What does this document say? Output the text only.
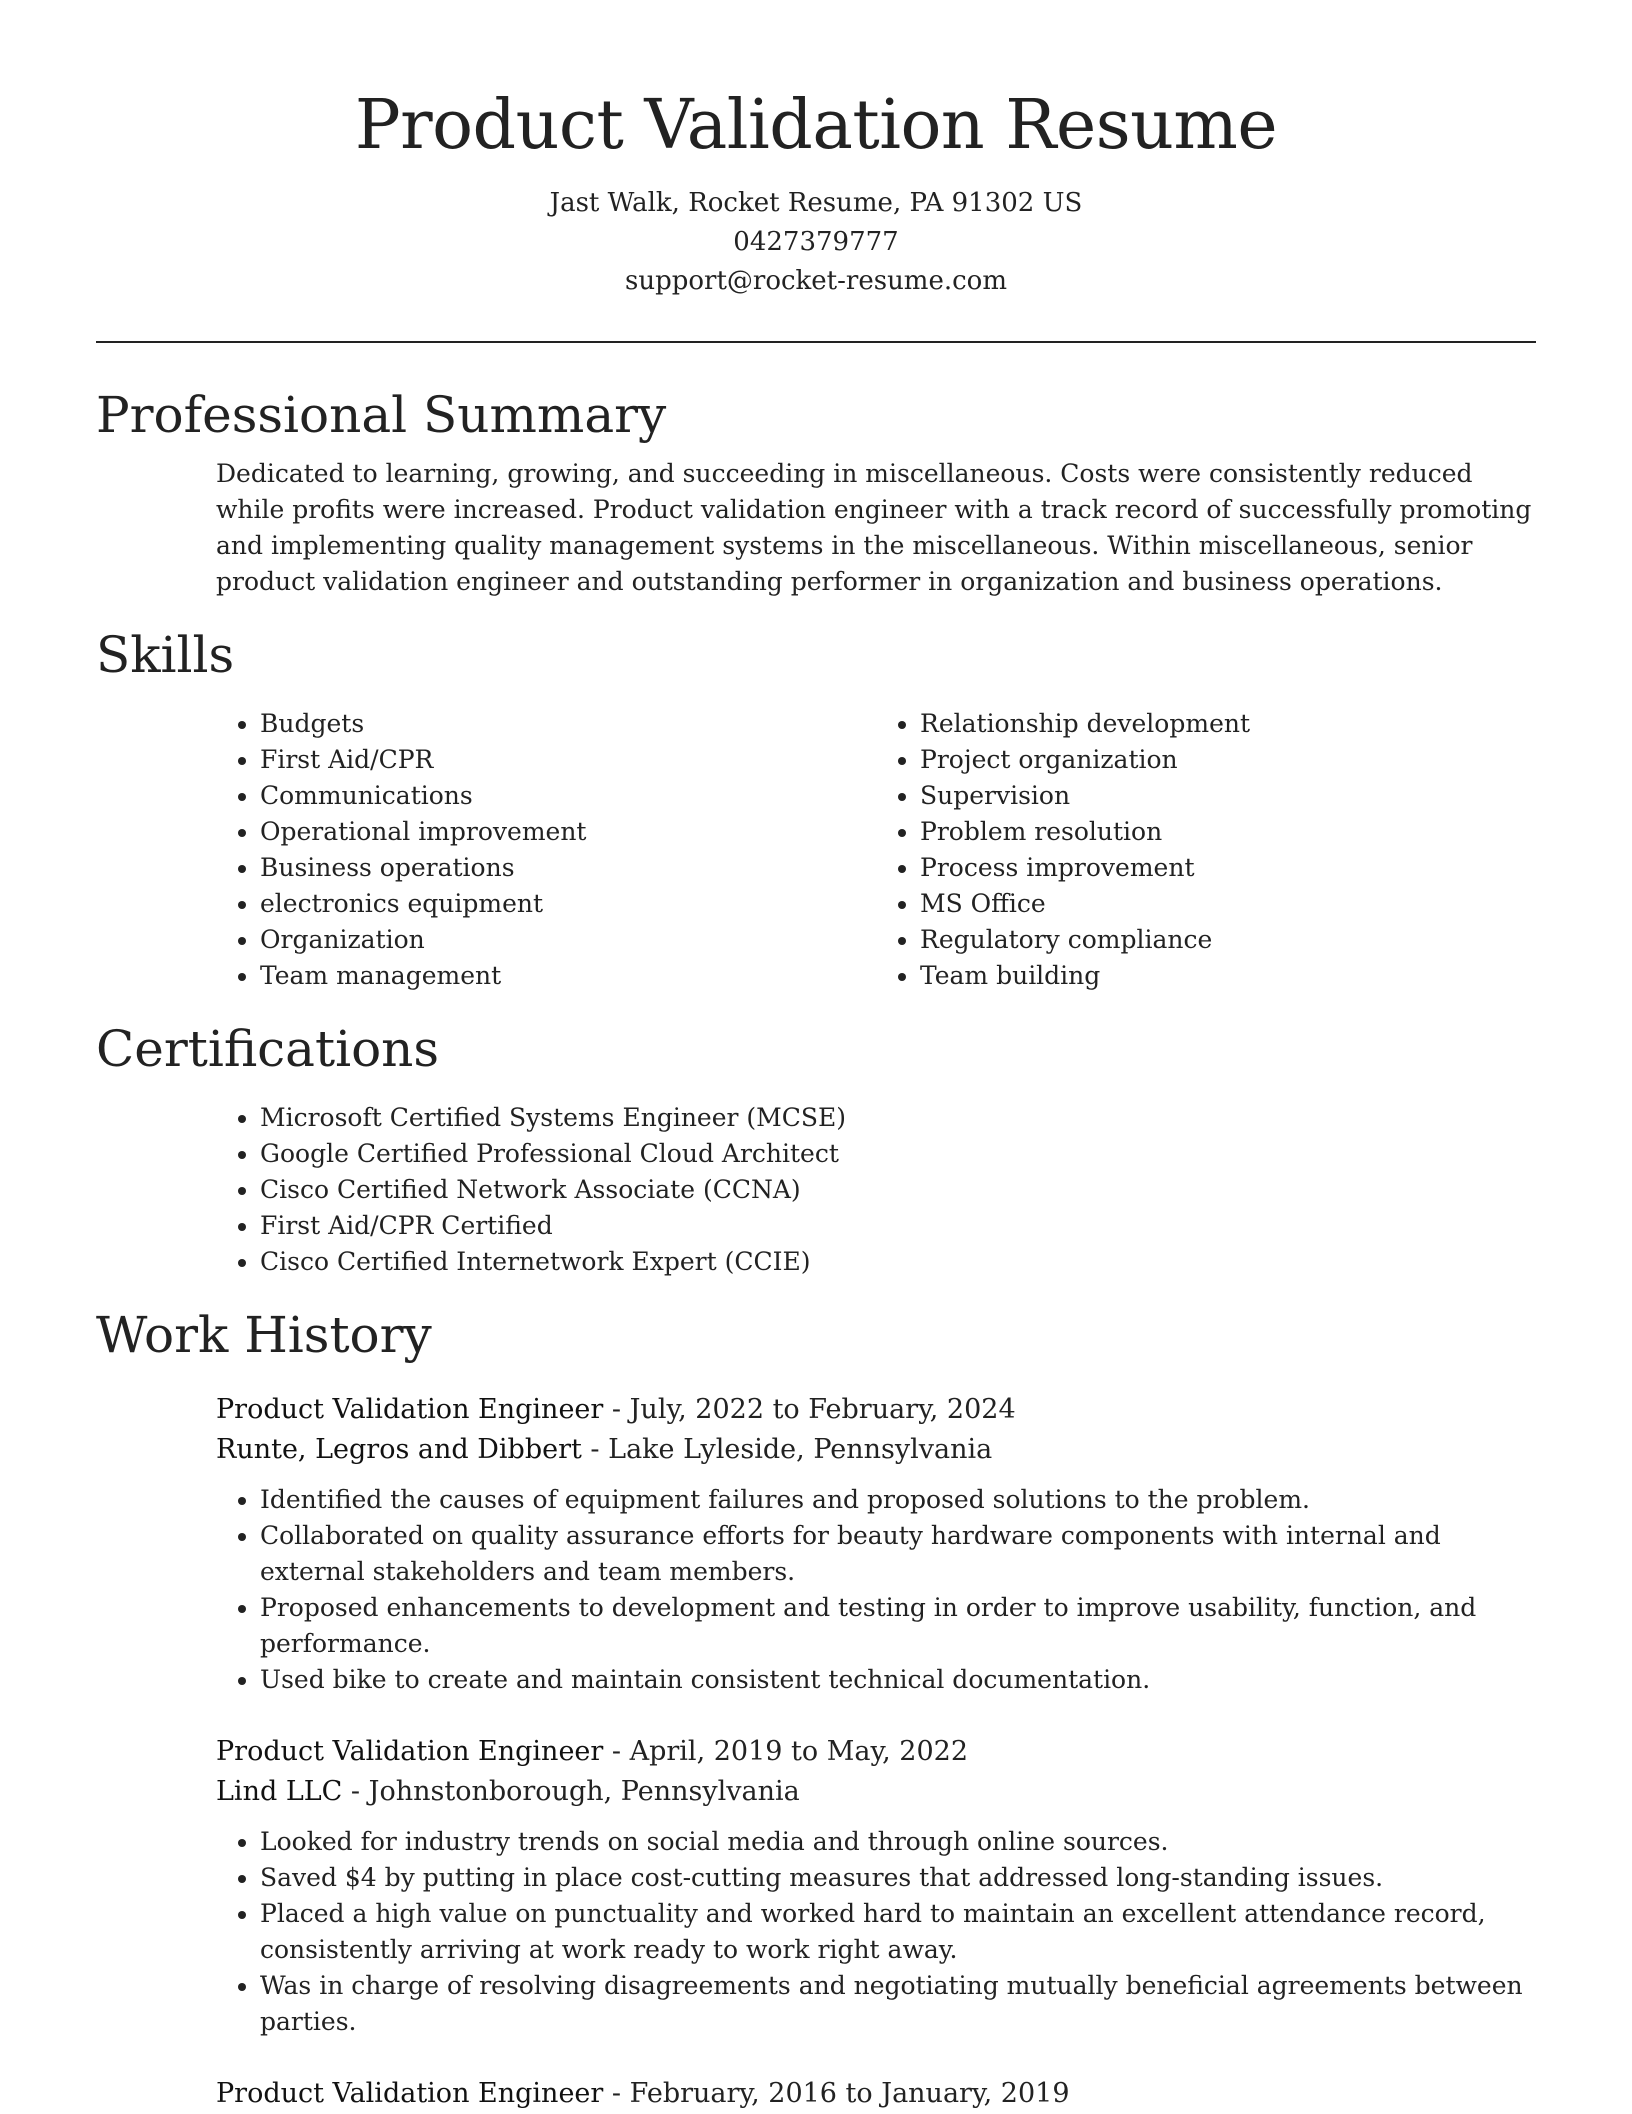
Product Validation Resume
Jast Walk, Rocket Resume, PA 91302 US
0427379777
support@rocket-resume.com
Professional Summary

Dedicated to learning, growing, and succeeding in miscellaneous. Costs were consistently reduced while profits were increased. Product validation engineer with a track record of successfully promoting and implementing quality management systems in the miscellaneous. Within miscellaneous, senior product validation engineer and outstanding performer in organization and business operations.

Skills
• Budgets
• First Aid/CPR
• Communications
• Operational improvement
• Business operations
• electronics equipment
• Organization
• Team management
• Relationship development
• Project organization
• Supervision
• Problem resolution
• Process improvement
• MS Office
• Regulatory compliance
• Team building
Certifications
• Microsoft Certified Systems Engineer (MCSE)
• Google Certified Professional Cloud Architect
• Cisco Certified Network Associate (CCNA)
• First Aid/CPR Certified
• Cisco Certified Internetwork Expert (CCIE)
Work History
Product Validation Engineer - July, 2022 to February, 2024
Runte, Legros and Dibbert - Lake Lyleside, Pennsylvania
• Identified the causes of equipment failures and proposed solutions to the problem.
• Collaborated on quality assurance efforts for beauty hardware components with internal and external stakeholders and team members.
• Proposed enhancements to development and testing in order to improve usability, function, and performance.
• Used bike to create and maintain consistent technical documentation.
Product Validation Engineer - April, 2019 to May, 2022
Lind LLC - Johnstonborough, Pennsylvania
• Looked for industry trends on social media and through online sources.
• Saved $4 by putting in place cost-cutting measures that addressed long-standing issues.
• Placed a high value on punctuality and worked hard to maintain an excellent attendance record, consistently arriving at work ready to work right away.
• Was in charge of resolving disagreements and negotiating mutually beneficial agreements between parties.
Product Validation Engineer - February, 2016 to January, 2019
